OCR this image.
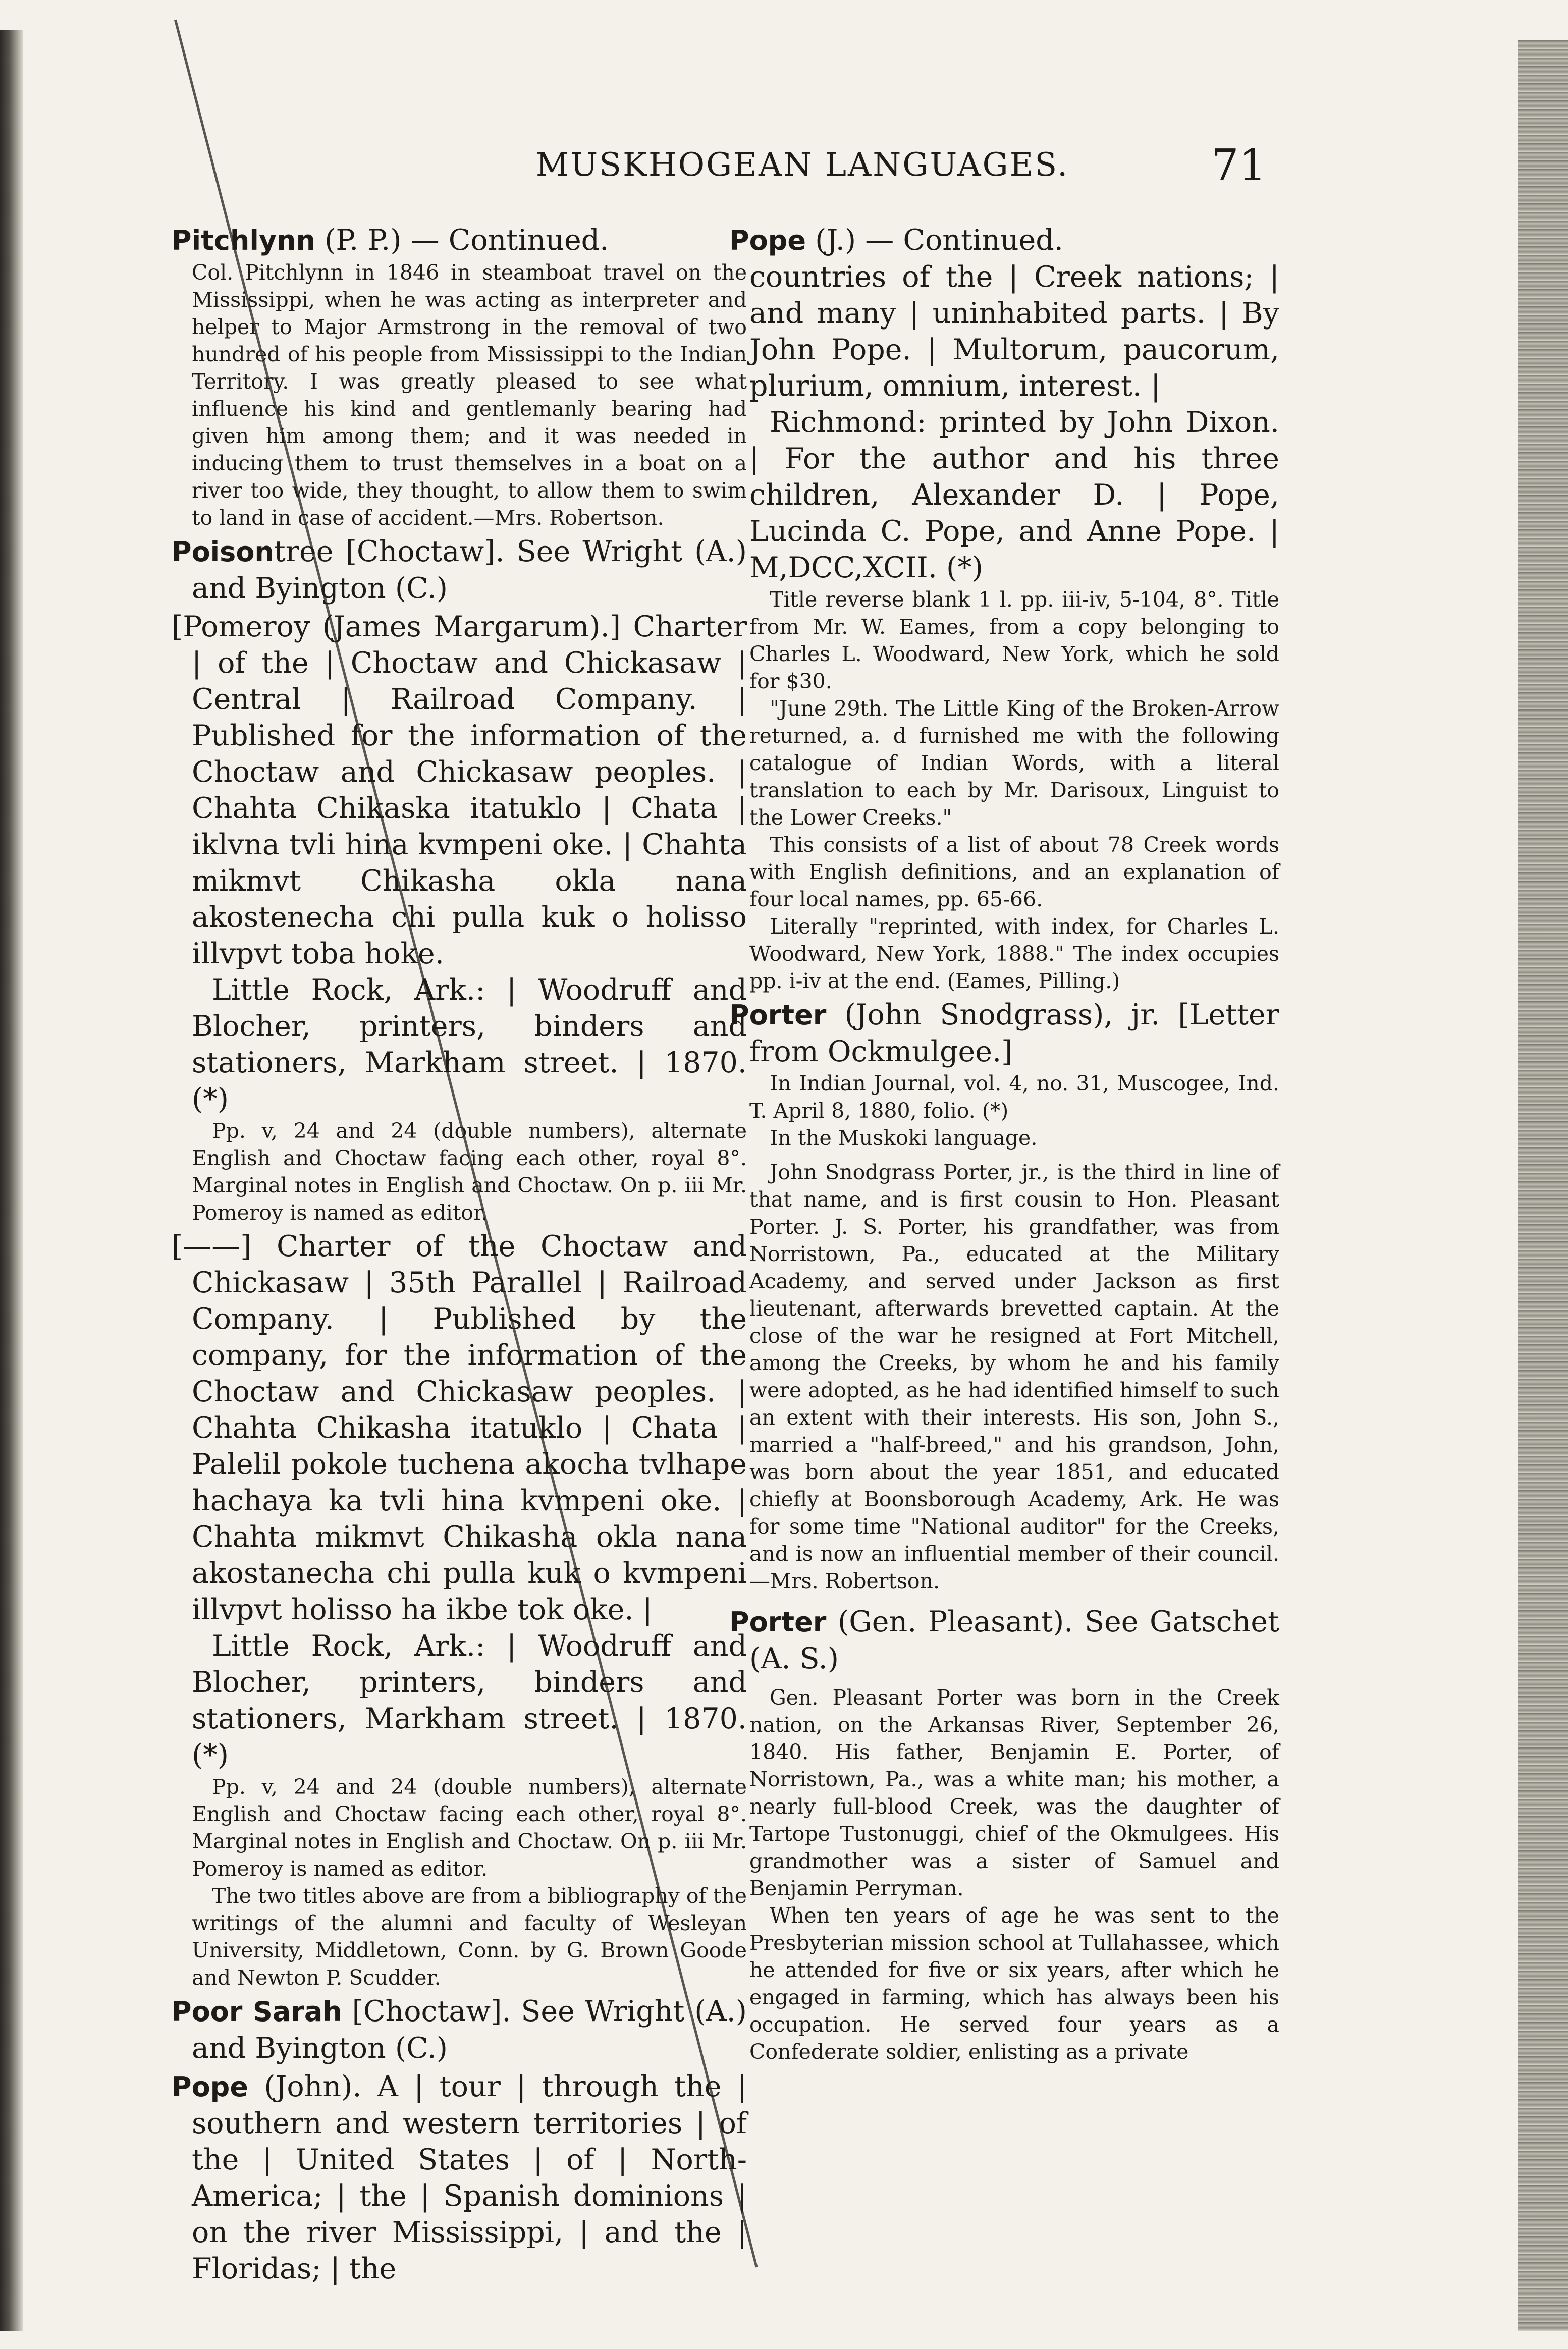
MUSKHOGEAN LANGUAGES.	71

Pitchlynn (P. P.) — Continued.

Col. Pitchlynn in 1846 in steamboat travel on the Mississippi, when he was acting as interpreter and helper to Major Armstrong in the removal of two hundred of his people from Mississippi to the Indian Territory. I was greatly pleased to see what influence his kind and gentlemanly bearing had given him among them; and it was needed in inducing them to trust themselves in a boat on a river too wide, they thought, to allow them to swim to land in case of accident.—Mrs. Robertson.

Poisontree [Choctaw]. See Wright (A.) and Byington (C.)

[Pomeroy (James Margarum).] Charter | of the | Choctaw and Chickasaw | Central | Railroad Company. | Published for the information of the Choctaw and Chickasaw peoples. | Chahta Chikaska itatuklo | Chata | iklvna tvli hina kvmpeni oke. | Chahta mikmvt Chikasha okla nana akostenecha chi pulla kuk o holisso illvpvt toba hoke.

Little Rock, Ark.: | Woodruff and Blocher, printers, binders and stationers, Markham street. | 1870. (*)

Pp. v, 24 and 24 (double numbers), alternate English and Choctaw facing each other, royal 8°. Marginal notes in English and Choctaw. On p. iii Mr. Pomeroy is named as editor.

[——] Charter of the Choctaw and Chickasaw | 35th Parallel | Railroad Company. | Published by the company, for the information of the Choctaw and Chickasaw peoples. | Chahta Chikasha itatuklo | Chata | Palelil pokole tuchena akocha tvlhape hachaya ka tvli hina kvmpeni oke. | Chahta mikmvt Chikasha okla nana akostanecha chi pulla kuk o kvmpeni illvpvt holisso ha ikbe tok oke. |

Little Rock, Ark.: | Woodruff and Blocher, printers, binders and stationers, Markham street. | 1870. (*)

Pp. v, 24 and 24 (double numbers), alternate English and Choctaw facing each other, royal 8°. Marginal notes in English and Choctaw. On p. iii Mr. Pomeroy is named as editor.

The two titles above are from a bibliography of the writings of the alumni and faculty of Wesleyan University, Middletown, Conn. by G. Brown Goode and Newton P. Scudder.

Poor Sarah [Choctaw]. See Wright (A.) and Byington (C.)

Pope (John). A | tour | through the | southern and western territories | of the | United States | of | North-America; | the | Spanish dominions | on the river Mississippi, | and the | Floridas; | the

Pope (J.) — Continued.

countries of the | Creek nations; | and many | uninhabited parts. | By John Pope. | Multorum, paucorum, plurium, omnium, interest. |

Richmond: printed by John Dixon. | For the author and his three children, Alexander D. | Pope, Lucinda C. Pope, and Anne Pope. | M,DCC,XCII. (*)

Title reverse blank 1 l. pp. iii-iv, 5-104, 8°. Title from Mr. W. Eames, from a copy belonging to Charles L. Woodward, New York, which he sold for $30.

"June 29th. The Little King of the Broken-Arrow returned, a. d furnished me with the following catalogue of Indian Words, with a literal translation to each by Mr. Darisoux, Linguist to the Lower Creeks."

This consists of a list of about 78 Creek words with English definitions, and an explanation of four local names, pp. 65-66.

Literally "reprinted, with index, for Charles L. Woodward, New York, 1888." The index occupies pp. i-iv at the end. (Eames, Pilling.)

Porter (John Snodgrass), jr. [Letter from Ockmulgee.]

In Indian Journal, vol. 4, no. 31, Muscogee, Ind. T. April 8, 1880, folio. (*)

In the Muskoki language.

John Snodgrass Porter, jr., is the third in line of that name, and is first cousin to Hon. Pleasant Porter. J. S. Porter, his grandfather, was from Norristown, Pa., educated at the Military Academy, and served under Jackson as first lieutenant, afterwards brevetted captain. At the close of the war he resigned at Fort Mitchell, among the Creeks, by whom he and his family were adopted, as he had identified himself to such an extent with their interests. His son, John S., married a "half-breed," and his grandson, John, was born about the year 1851, and educated chiefly at Boonsborough Academy, Ark. He was for some time "National auditor" for the Creeks, and is now an influential member of their council.—Mrs. Robertson.

Porter (Gen. Pleasant). See Gatschet (A. S.)

Gen. Pleasant Porter was born in the Creek nation, on the Arkansas River, September 26, 1840. His father, Benjamin E. Porter, of Norristown, Pa., was a white man; his mother, a nearly full-blood Creek, was the daughter of Tartope Tustonuggi, chief of the Okmulgees. His grandmother was a sister of Samuel and Benjamin Perryman.

When ten years of age he was sent to the Presbyterian mission school at Tullahassee, which he attended for five or six years, after which he engaged in farming, which has always been his occupation. He served four years as a Confederate soldier, enlisting as a private
